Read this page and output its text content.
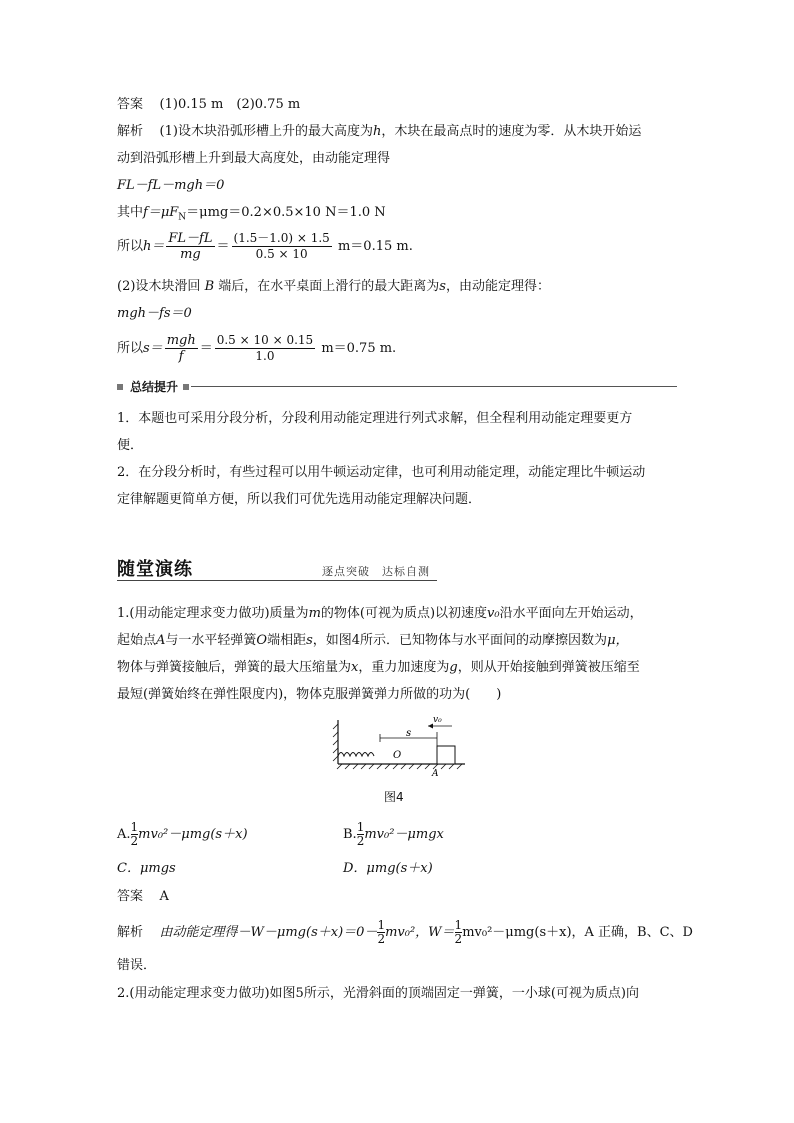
答案 (1)0.15 m　(2)0.75 m
解析 (1)设木块沿弧形槽上升的最大高度为h，木块在最高点时的速度为零．从木块开始运
动到沿弧形槽上升到最大高度处，由动能定理得
FL－fL－mgh＝0
其中$f=\mu F_N=\mu mg=0.2\times 0.5\times 10$ N＝1.0 N
所以$h= \frac{FL-fL}{mg} = \frac{(1.5-1.0) \times 1.5}{0.5 \times 10} m=0.15$ m.
(2)设木块滑回 B 端后，在水平桌面上滑行的最大距离为s，由动能定理得：
mgh－fs＝0
所以$s= \frac{\text{mgh}}{f} = \frac{0.5 \times 10 \times 0.15}{1.0} m=0.75$ m.
总结提升
1．本题也可采用分段分析，分段利用动能定理进行列式求解，但全程利用动能定理要更方
便．
2．在分段分析时，有些过程可以用牛顿运动定律，也可利用动能定理，动能定理比牛顿运动
定律解题更简单方便，所以我们可优先选用动能定理解决问题．
随堂演练	逐点突破　达标自测
1.(用动能定理求变力做功)质量为m的物体(可视为质点)以初速度v₀沿水平面向左开始运动，
起始点A与一水平轻弹簧O端相距s，如图4所示．已知物体与水平面间的动摩擦因数为μ，
物体与弹簧接触后，弹簧的最大压缩量为x，重力加速度为g，则从开始接触到弹簧被压缩至
最短(弹簧始终在弹性限度内)，物体克服弹簧弹力所做的功为(　　)
s
v₀
O
A
图4
A. $\frac{1}{2} mv_0^2-\mu mg(s+x)$	B. $\frac{1}{2} mv_0^2-\mu mgx$
C．μmgs	D．μmg(s＋x)
答案 A
解析 由动能定理得$-W-\mu mg(s+x)=0- \frac{1}{2} mv_0^2$，$W= \frac{1}{2} mv_0^2-\mu mg(s+x)$，A 正确，B、C、D
错误．
2.(用动能定理求变力做功)如图5所示，光滑斜面的顶端固定一弹簧，一小球(可视为质点)向
